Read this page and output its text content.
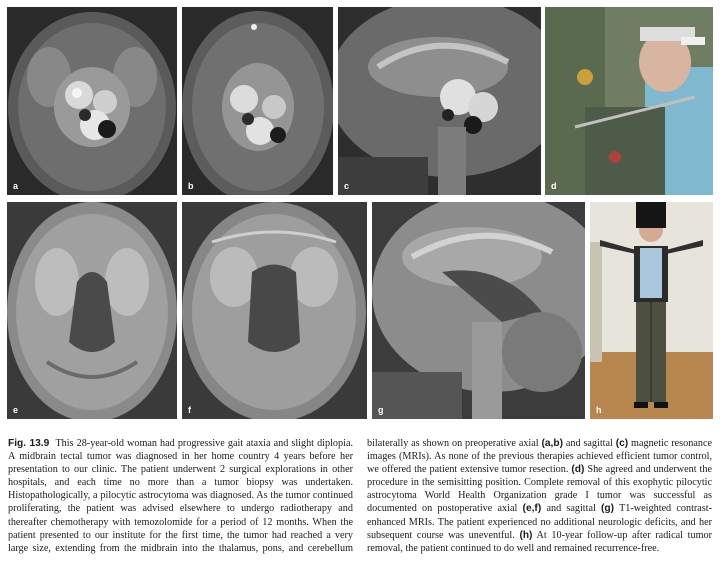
a	b	c	d
e	f	g	h
Fig. 13.9 This 28-year-old woman had progressive gait ataxia and slight diplopia. A midbrain tectal tumor was diagnosed in her home country 4 years before her presentation to our clinic. The patient underwent 2 surgical explorations in other hospitals, and each time no more than a tumor biopsy was undertaken. Histopathologically, a pilocytic astrocytoma was diagnosed. As the tumor continued proliferating, the patient was advised elsewhere to undergo radiotherapy and thereafter chemotherapy with temozolomide for a period of 12 months. When the patient presented to our institute for the first time, the tumor had reached a very large size, extending from the midbrain into the thalamus, pons, and cerebellum bilaterally as shown on preoperative axial (a,b) and sagittal (c) magnetic resonance images (MRIs). As none of the previous therapies achieved efficient tumor control, we offered the patient extensive tumor resection. (d) She agreed and underwent the procedure in the semisitting position. Complete removal of this exophytic pilocytic astrocytoma World Health Organization grade I tumor was successful as documented on postoperative axial (e,f) and sagittal (g) T1-weighted contrast-enhanced MRIs. The patient experienced no additional neurologic deficits, and her subsequent course was uneventful. (h) At 10-year follow-up after radical tumor removal, the patient continued to do well and remained recurrence-free.
